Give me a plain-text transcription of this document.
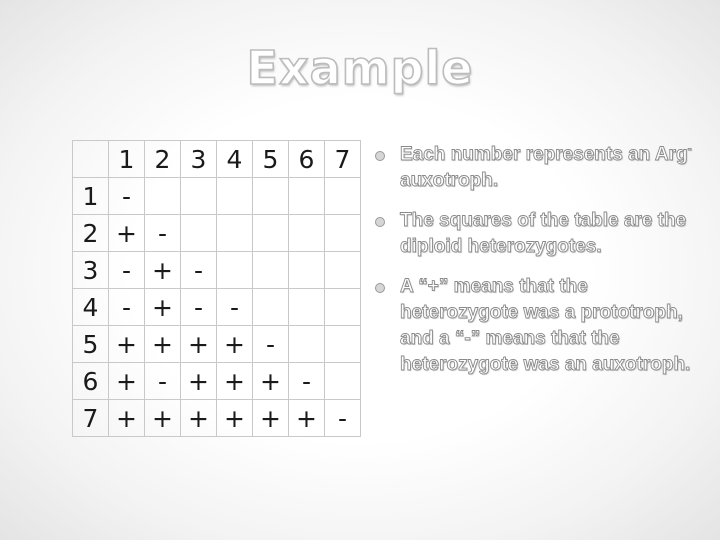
Example
	1	2	3	4	5	6	7
1	-						
2	+	-					
3	-	+	-				
4	-	+	-	-			
5	+	+	+	+	-		
6	+	-	+	+	+	-	
7	+	+	+	+	+	+	-
Each number represents an Arg- auxotroph.
The squares of the table are the diploid heterozygotes.
A “+” means that the heterozygote was a prototroph, and a “-” means that the heterozygote was an auxotroph.
